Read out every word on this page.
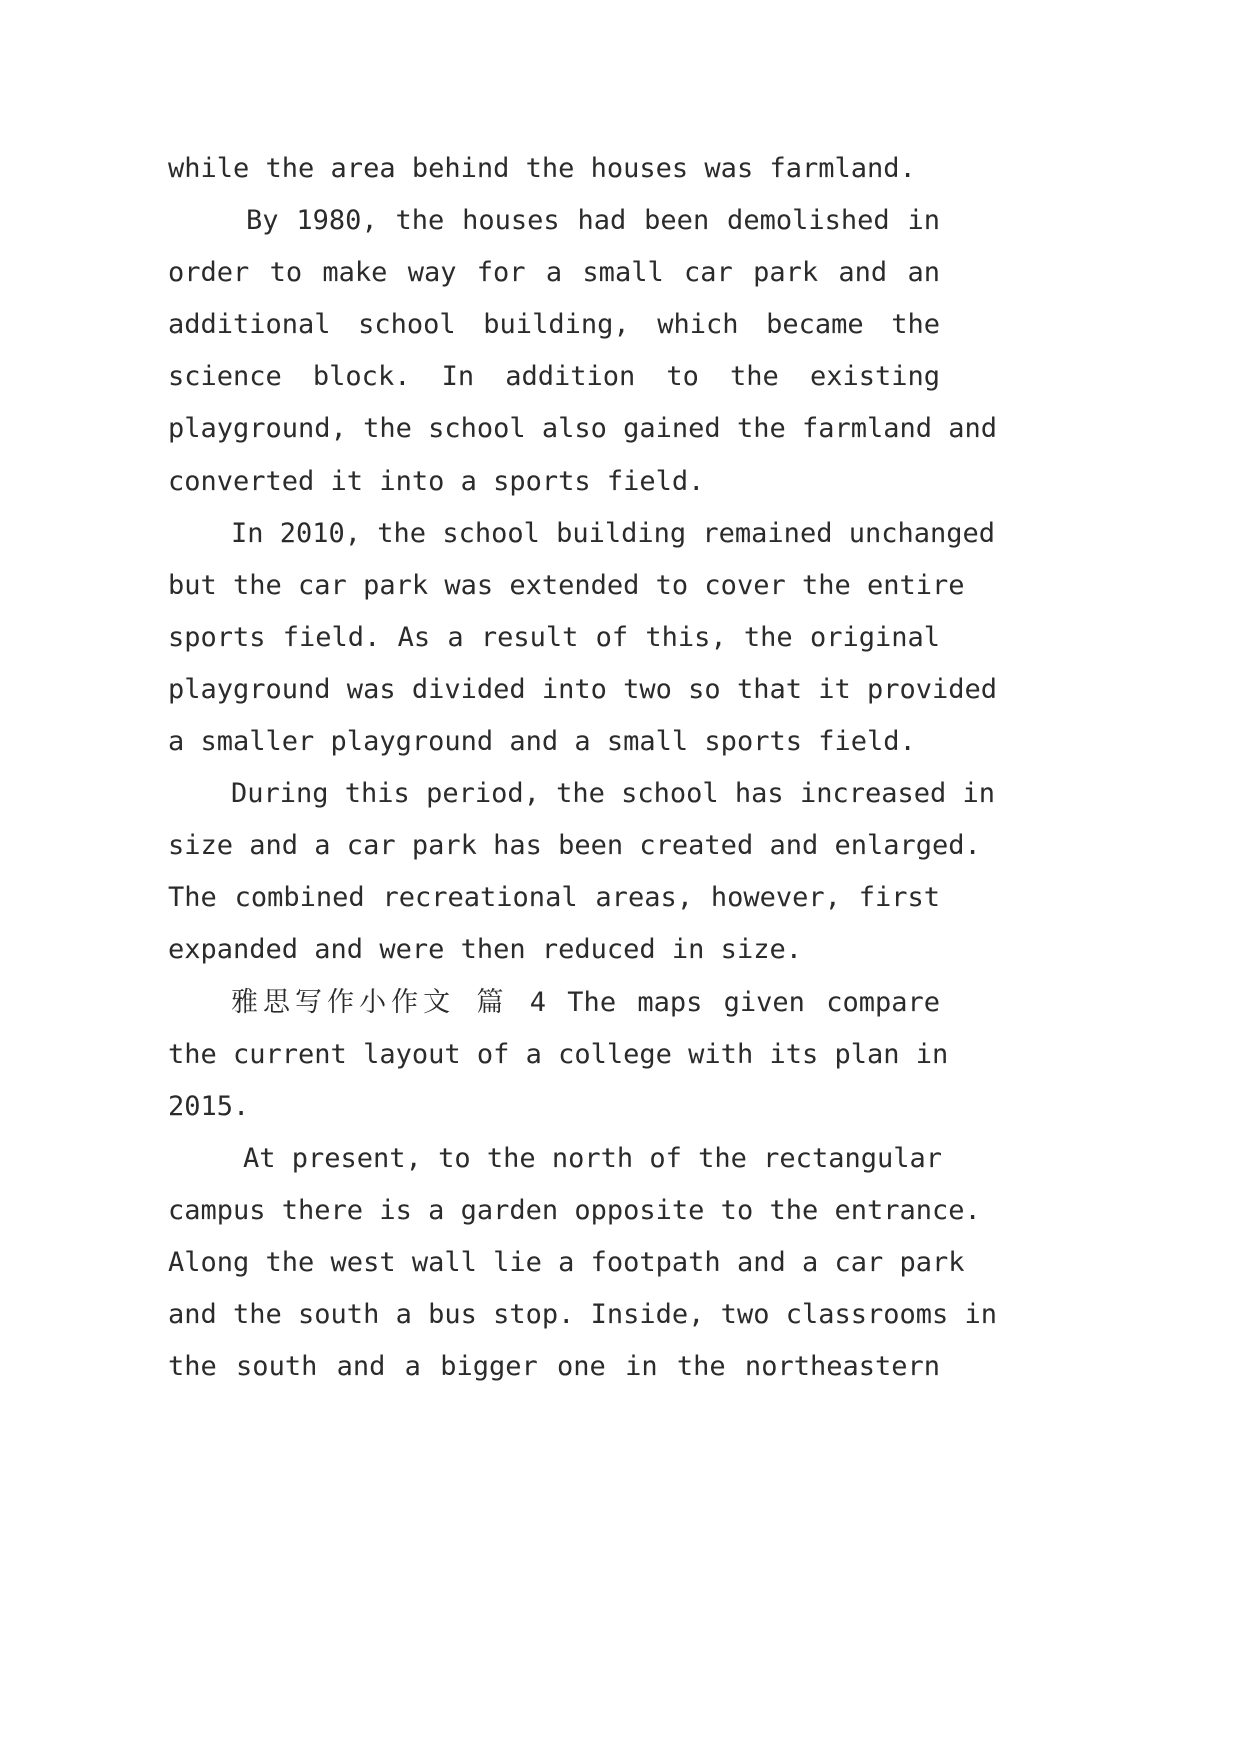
while the area behind the houses was farmland.
By 1980, the houses had been demolished in
order to make way for a small car park and an
additional school building, which became the
science block. In addition to the existing
playground, the school also gained the farmland and
converted it into a sports field.
In 2010, the school building remained unchanged
but the car park was extended to cover the entire
sports field. As a result of this, the original
playground was divided into two so that it provided
a smaller playground and a small sports field.
During this period, the school has increased in
size and a car park has been created and enlarged.
The combined recreational areas, however, first
expanded and were then reduced in size.
雅思写作小作文 篇 4 The maps given compare
the current layout of a college with its plan in
2015.
At present, to the north of the rectangular
campus there is a garden opposite to the entrance.
Along the west wall lie a footpath and a car park
and the south a bus stop. Inside, two classrooms in
the south and a bigger one in the northeastern
